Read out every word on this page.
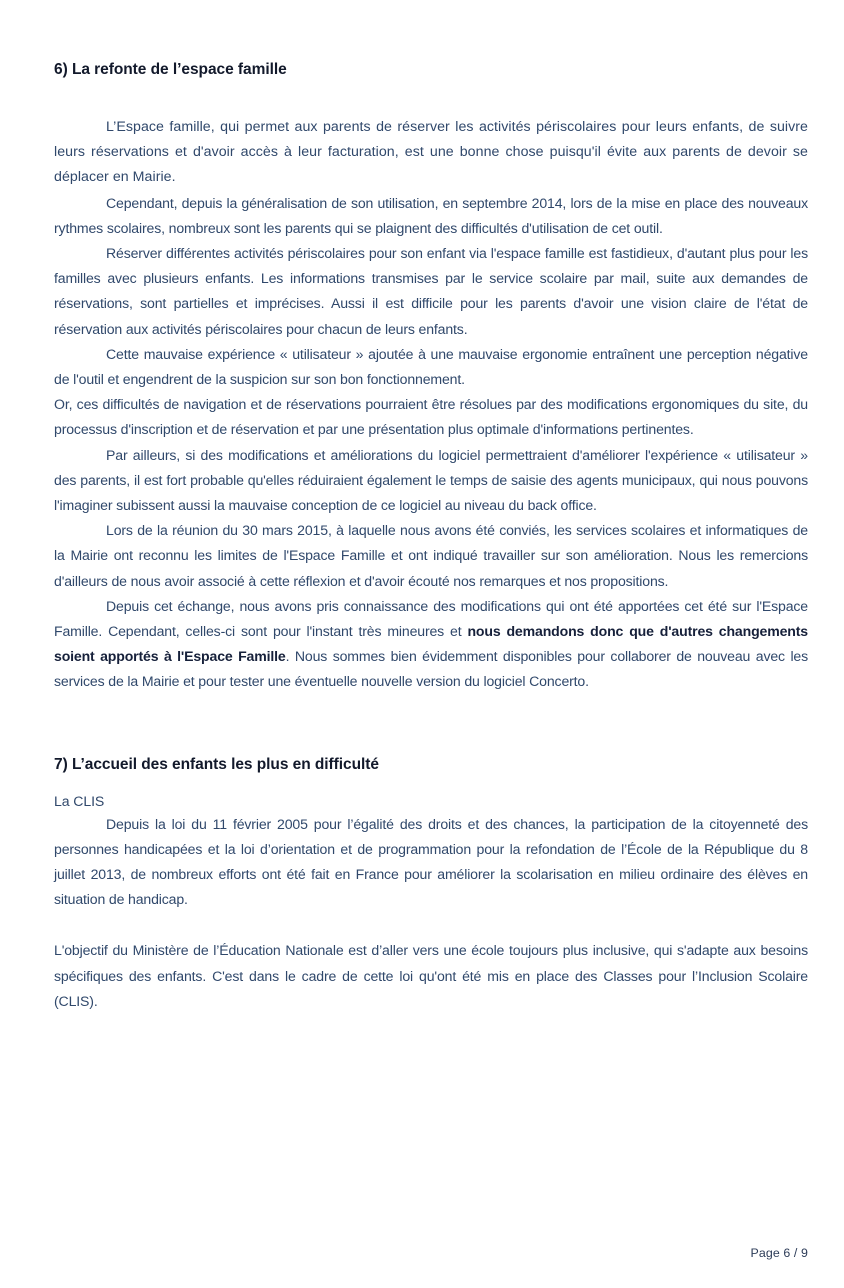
6) La refonte de l’espace famille

L’Espace famille, qui permet aux parents de réserver les activités périscolaires pour leurs enfants, de suivre leurs réservations et d'avoir accès à leur facturation, est une bonne chose puisqu'il évite aux parents de devoir se déplacer en Mairie.

Cependant, depuis la généralisation de son utilisation, en septembre 2014, lors de la mise en place des nouveaux rythmes scolaires, nombreux sont les parents qui se plaignent des difficultés d'utilisation de cet outil.

Réserver différentes activités périscolaires pour son enfant via l'espace famille est fastidieux, d'autant plus pour les familles avec plusieurs enfants. Les informations transmises par le service scolaire par mail, suite aux demandes de réservations, sont partielles et imprécises. Aussi il est difficile pour les parents d'avoir une vision claire de l'état de réservation aux activités périscolaires pour chacun de leurs enfants.

Cette mauvaise expérience « utilisateur » ajoutée à une mauvaise ergonomie entraînent une perception négative de l'outil et engendrent de la suspicion sur son bon fonctionnement.

Or, ces difficultés de navigation et de réservations pourraient être résolues par des modifications ergonomiques du site, du processus d'inscription et de réservation et par une présentation plus optimale d'informations pertinentes.

Par ailleurs, si des modifications et améliorations du logiciel permettraient d'améliorer l'expérience « utilisateur » des parents, il est fort probable qu'elles réduiraient également le temps de saisie des agents municipaux, qui nous pouvons l'imaginer subissent aussi la mauvaise conception de ce logiciel au niveau du back office.

Lors de la réunion du 30 mars 2015, à laquelle nous avons été conviés, les services scolaires et informatiques de la Mairie ont reconnu les limites de l'Espace Famille et ont indiqué travailler sur son amélioration. Nous les remercions d'ailleurs de nous avoir associé à cette réflexion et d'avoir écouté nos remarques et nos propositions.

Depuis cet échange, nous avons pris connaissance des modifications qui ont été apportées cet été sur l'Espace Famille. Cependant, celles-ci sont pour l'instant très mineures et nous demandons donc que d'autres changements soient apportés à l'Espace Famille. Nous sommes bien évidemment disponibles pour collaborer de nouveau avec les services de la Mairie et pour tester une éventuelle nouvelle version du logiciel Concerto.

7) L’accueil des enfants les plus en difficulté

La CLIS

Depuis la loi du 11 février 2005 pour l’égalité des droits et des chances, la participation de la citoyenneté des personnes handicapées et la loi d’orientation et de programmation pour la refondation de l’École de la République du 8 juillet 2013, de nombreux efforts ont été fait en France pour améliorer la scolarisation en milieu ordinaire des élèves en situation de handicap.

L'objectif du Ministère de l’Éducation Nationale est d’aller vers une école toujours plus inclusive, qui s'adapte aux besoins spécifiques des enfants. C'est dans le cadre de cette loi qu'ont été mis en place des Classes pour l’Inclusion Scolaire (CLIS).

Page 6 / 9
